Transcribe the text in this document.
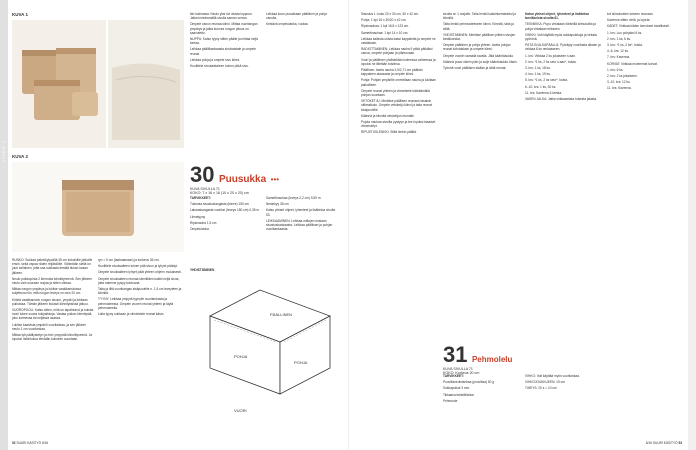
VIHKO 1
KUVA 1	tän kulmassa. Neulo yksi rivi alusta loppuun. Jatka leveämmällä sivulla saman verran.

Ompele vanun reunaa kiinni. Mittaa vuorilangan ympärys ja jatka kunnes rungon pituus on saavutettu.

NUPPU: Katso tyyny sitten päälle ja mittaa neljä kertaa.

Leikkaa päällikankaasta sivukaistale ja ompele reunat.

Leikkaa pohja ja ompele sivu kiinni.

Huolittele sivukaistaleen toinen pitkä sivu.

Leikkaa koon pusukkaan päällinen ja pohja vanulla.

Kestävä ompelulanka, vuolaa

KUVA 2
30 Puusukka •••
KUVA SIVULLA 71
KOKO: 7 x 16 x 16 (10 x 20 x 20) cm

TARVIKKEET:

Tukevaa sisustuslangasta (kierre) 150 cm

Lakanakangasta vuoriksi (leveys 150 cm) 0,35 m

Liimatyyny

Ripsinauha 1,5 cm

Ompelulanka

Samettinauhaa (leveys 2,2 cm) 5,90 m

Nestekyy 35 cm

Katso yleiset ohjeet, lyhenteet ja lisätietoa sivulta 53.

LEIKKAAMINEN: Leikkaa mittojen mukaan sisustuskankaasta. Leikkaa pääliinan ja pohjan vuorikankaasta.

RUNKO: Sukkaa palvelkytyvällä 35 cm kokoisille jatkoille ensin, sekä vapaa niiden reijästöille. Vähintään siellä on juuri sellainen, jotta osa sukkasta kestää tiukan kasan jälkeen.

Neulo puikkopinta 2 kierrosta kiinnittyneenä. Sen jälkeen neulo vain suoraan nurjaa ja sitten oikeaa.

Mittaa rungon ympärys ja lukitse vaakikansioissa suljettuna niin, että rungon leveys on noin 20 cm.

Kiristä vaakikansion rungon sisuun, ympäri ja lukitaan puikoissa. Tämän jälkeen tiukasti kiinnityksissä jatkuu.

VUOROPUOLI: Katso sitten, mitä on tapahtunut ja kuinka moni tukee suuria tukipaikkoja. Vastaa puikon kiinnitystä, joko kolmessa tai neljässä osassa.

Lukitse kaaivista ympäröi vuorilankaa, ja sen jälkeen neulo 1 cm vuorilankaa.

Mittaa tyti päällystetyn ja rivin ympyrää kiinnittyneenä. Ja lopuksi ristiinlukua tehdään kolmeen suuntaan.

ryn = 5 cm (laahaamaan) ja korkeus 36 cm.

Huolittele sivuksaiteen toinen pää sivun ja lyhyet päädyt.

Ompele sivuksaiteen lyhyet päät yhteen ohjeen mukaisesti.

Ompele sivuksaiteen reunaa kiinnittäen kaikki neljä sivua, jotta rakenne pysyy tukevana.

Taita ja liitä vuorikangas sisäpuolelle n. 1,5 cm leveyteen ja kiinnitä.

TYYNY: Leikkaa ympyrä tyynylle vuorilankasta ja pehmusteesta. Ompele vuoren reunat yhteen ja täytä pehmusteella.

Laita tyyny sukkaan ja viimeistele reunat käsin.

YHDISTÄMINEN

PÄÄLLINEN
POHJA
POHJA
VUORI
52 SUURI KÄSITYÖ 6/16

Sisustus 1: koko 20 x 30 cm, 50 x 42 cm.

Pohja: 1 kpl 16 x 30/20 x 42 cm.

Ripsinauhaa: 1 kpl 16,5 x 123 cm.

Samettinauhaa: 1 kpl 14 x 10 cm.

Leikkaa kaikista osista kaksi kappaletta ja ompele ne vastakkain.

RADIOTTAMINEN: Leikkaa nauha 9 pitkä pätkäksi vanua, ompele pohjaan ja yläreunaan.

Vuori ja päällinen yhdistetään kolmessa vaiheessa ja lopuksi ne liitetään toisiinsa.

Päällinen: Aseta nauha 2,5/2,71 cm päähän kappaleen alaosasta ja ompele kiinni.

Pohja: Pohjan ympärille ommellaan nauha ja lukitaan paikoilleen.

Ompele reunat yhteen ja viimeistele kääntämällä pohjan suuntaan.

VETOKETJU: Merkitse päällisen reunaan tasaisin välimatkoin. Ompele vetoketju kiinni ja taita reunat sisäpuolelle.

Käännä ja kiinnitä vetoketjun reunalle.

Pujota nauhaa sivuilta pystyyn ja tee lopuksi tasaiset viimeistelyt.

RIPUSTUSLENKKI: Silitä lenkin päältä.

sivulta cn 1 nurjalle. Taita lenkki kaksinkertaiseksi ja kiinnitä.

Taita lenkki pehmusteeseen kiinni. Kiinnitä, taita ja silitä.

YHDISTÄMINEN: Merkitse päällisen pitkien sivujen keskikohdat.

Ompele päällinen ja pohja yhteen. Aseta pohjan reunat kohdakkain ja ompele kiinni.

Ompele vuoriin samalla tavalla. Jätä kääntöaukko.

Käännä pussi oikein päin ja sulje kääntöaukko käsin.

Työnnä vuori päällisen sisään ja silitä reunat.

Katso yleiset ohjeet, lyhenteet ja lisätietoa tarvikkeista sivulta 61.

TEKNIIKKA: Pupu virkataan kiinteillä silmukoilla ja pohja virkataan erikseen.

VINKKI: Voit käyttää myös sukkapuikkoja ja virkata pyörönä.

PÄTÄ IN ALKAPÄÄLLÄ: Pyöräyty vuorilasta alkaen ja virkkaa 6 ks renkaaseen.

1. krs: Virkkaa 2 ks jokaiseen s:aan.

2. krs: *1 ks, 2 ks seur s:aan*, toista.

3. krs: 1 ks, 18 ks.

4. krs: 1 ks, 19 ks.

5. krs: *1 ks, 2 ks seur*, toista.

6.-10. krs: 1 ks, 30 ks.

11. krs: Kavenna 6 kertaa.

VASEN JALKA: Jatka virkkaamista toisesta jalasta.

koi silmukoiden toiseen reunaan.

Kavenna sitten vielä, ja lopeta.

KÄDET: Virkkaa käden kerrokset tavallisesti.

1. krs: Luo pohjaksi 6 ks.

2. krs: 1 ks, 6 ks.

3. krs: *1 ks, 2 ks*, toista.

4.-6. krs: 12 ks.

7. krs: Kavenna.

KORVAT: Virkkaa molemmat korvat.

1. krs: 6 ks.

2. krs: 2 ks jokaiseen.

3.-10. krs: 12 ks.

11. krs: Kavenna.

31 Pehmolelu
KUVA SIVULLA 71
KOKO: Korkeus 20 cm

TARVIKKEET:

Puuvillaneulelankaa (puuvillaa) 50 g

Sukkapuikot 3 mm

Tikkaava tekstiililanka

Pehmuste

VIHKO: Voit käyttää myös vuorilankaa.

VIHKOJOUKKUEEN: 15 cm

TIHEYS: 20 s = 10 cm

6/16 SUURI KÄSITYÖ 53
